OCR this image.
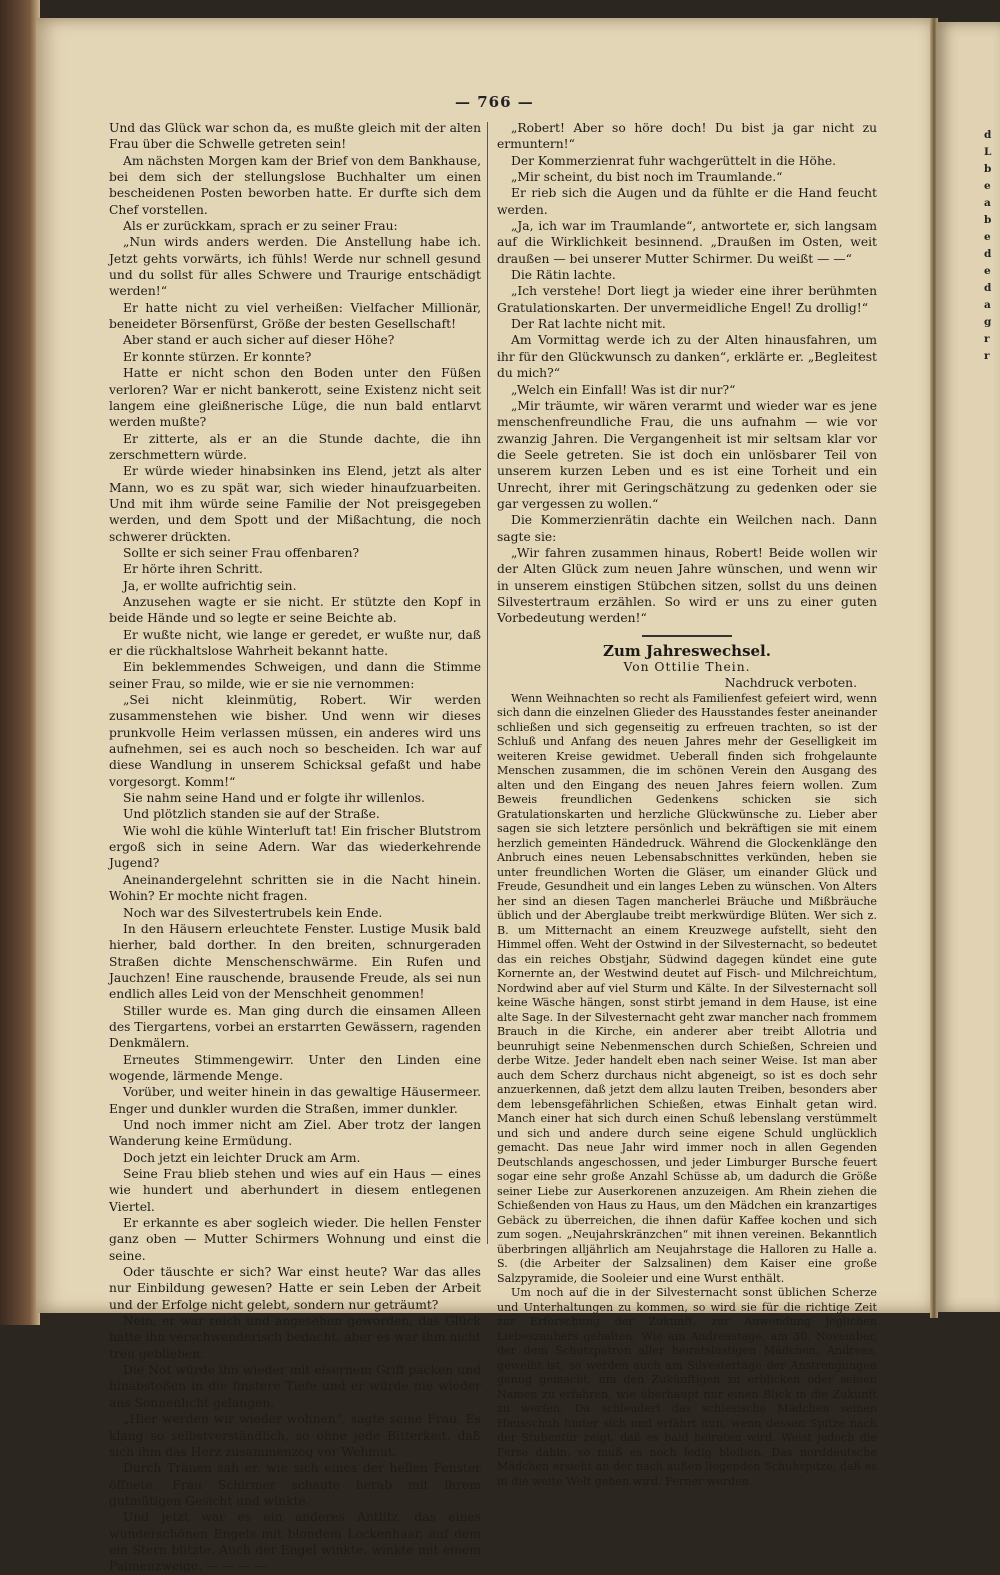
d
L
b
e
a
b
e
d
e
d
a
g
r
r
— 766 —

Und das Glück war schon da, es mußte gleich mit der alten Frau über die Schwelle getreten sein!

Am nächsten Morgen kam der Brief von dem Bankhause, bei dem sich der stellungslose Buchhalter um einen bescheidenen Posten beworben hatte. Er durfte sich dem Chef vorstellen.

Als er zurückkam, sprach er zu seiner Frau:

„Nun wirds anders werden. Die Anstellung habe ich. Jetzt gehts vorwärts, ich fühls! Werde nur schnell gesund und du sollst für alles Schwere und Traurige entschädigt werden!“

Er hatte nicht zu viel verheißen: Vielfacher Millionär, beneideter Börsenfürst, Größe der besten Gesellschaft!

Aber stand er auch sicher auf dieser Höhe?

Er konnte stürzen. Er konnte?

Hatte er nicht schon den Boden unter den Füßen verloren? War er nicht bankerott, seine Existenz nicht seit langem eine gleißnerische Lüge, die nun bald entlarvt werden mußte?

Er zitterte, als er an die Stunde dachte, die ihn zerschmettern würde.

Er würde wieder hinabsinken ins Elend, jetzt als alter Mann, wo es zu spät war, sich wieder hinaufzuarbeiten. Und mit ihm würde seine Familie der Not preisgegeben werden, und dem Spott und der Mißachtung, die noch schwerer drückten.

Sollte er sich seiner Frau offenbaren?

Er hörte ihren Schritt.

Ja, er wollte aufrichtig sein.

Anzusehen wagte er sie nicht. Er stützte den Kopf in beide Hände und so legte er seine Beichte ab.

Er wußte nicht, wie lange er geredet, er wußte nur, daß er die rückhaltslose Wahrheit bekannt hatte.

Ein beklemmendes Schweigen, und dann die Stimme seiner Frau, so milde, wie er sie nie vernommen:

„Sei nicht kleinmütig, Robert. Wir werden zusammenstehen wie bisher. Und wenn wir dieses prunkvolle Heim verlassen müssen, ein anderes wird uns aufnehmen, sei es auch noch so bescheiden. Ich war auf diese Wandlung in unserem Schicksal gefaßt und habe vorgesorgt. Komm!“

Sie nahm seine Hand und er folgte ihr willenlos.

Und plötzlich standen sie auf der Straße.

Wie wohl die kühle Winterluft tat! Ein frischer Blutstrom ergoß sich in seine Adern. War das wiederkehrende Jugend?

Aneinandergelehnt schritten sie in die Nacht hinein. Wohin? Er mochte nicht fragen.

Noch war des Silvestertrubels kein Ende.

In den Häusern erleuchtete Fenster. Lustige Musik bald hierher, bald dorther. In den breiten, schnurgeraden Straßen dichte Menschenschwärme. Ein Rufen und Jauchzen! Eine rauschende, brausende Freude, als sei nun endlich alles Leid von der Menschheit genommen!

Stiller wurde es. Man ging durch die einsamen Alleen des Tiergartens, vorbei an erstarrten Gewässern, ragenden Denkmälern.

Erneutes Stimmengewirr. Unter den Linden eine wogende, lärmende Menge.

Vorüber, und weiter hinein in das gewaltige Häusermeer. Enger und dunkler wurden die Straßen, immer dunkler.

Und noch immer nicht am Ziel. Aber trotz der langen Wanderung keine Ermüdung.

Doch jetzt ein leichter Druck am Arm.

Seine Frau blieb stehen und wies auf ein Haus — eines wie hundert und aberhundert in diesem entlegenen Viertel.

Er erkannte es aber sogleich wieder. Die hellen Fenster ganz oben — Mutter Schirmers Wohnung und einst die seine.

Oder täuschte er sich? War einst heute? War das alles nur Einbildung gewesen? Hatte er sein Leben der Arbeit und der Erfolge nicht gelebt, sondern nur geträumt?

Nein, er war reich und angesehen geworden, das Glück hatte ihn verschwenderisch bedacht, aber es war ihm nicht treu geblieben.

Die Not würde ihn wieder mit eisernem Griff packen und hinabstoßen in die finstere Tiefe und er würde nie wieder ans Sonnenlicht gelangen.

„Hier werden wir wieder wohnen“, sagte seine Frau. Es klang so selbstverständlich, so ohne jede Bitterkeit, daß sich ihm das Herz zusammenzog vor Wehmut.

Durch Tränen sah er, wie sich eines der hellen Fenster öffnete. Frau Schirmer schaute herab mit ihrem gutmütigen Gesicht und winkte.

Und jetzt war es ein anderes Antlitz, das eines wunderschönen Engels mit blondem Lockenhaar, auf dem ein Stern blitzte. Auch der Engel winkte, winkte mit einem Palmenzweige. — — — —

„Robert! Aber so höre doch! Du bist ja gar nicht zu ermuntern!“

Der Kommerzienrat fuhr wachgerüttelt in die Höhe.

„Mir scheint, du bist noch im Traumlande.“

Er rieb sich die Augen und da fühlte er die Hand feucht werden.

„Ja, ich war im Traumlande“, antwortete er, sich langsam auf die Wirklichkeit besinnend. „Draußen im Osten, weit draußen — bei unserer Mutter Schirmer. Du weißt — —“

Die Rätin lachte.

„Ich verstehe! Dort liegt ja wieder eine ihrer berühmten Gratulationskarten. Der unvermeidliche Engel! Zu drollig!“

Der Rat lachte nicht mit.

Am Vormittag werde ich zu der Alten hinausfahren, um ihr für den Glückwunsch zu danken“, erklärte er. „Begleitest du mich?“

„Welch ein Einfall! Was ist dir nur?“

„Mir träumte, wir wären verarmt und wieder war es jene menschenfreundliche Frau, die uns aufnahm — wie vor zwanzig Jahren. Die Vergangenheit ist mir seltsam klar vor die Seele getreten. Sie ist doch ein unlösbarer Teil von unserem kurzen Leben und es ist eine Torheit und ein Unrecht, ihrer mit Geringschätzung zu gedenken oder sie gar vergessen zu wollen.“

Die Kommerzienrätin dachte ein Weilchen nach. Dann sagte sie:

„Wir fahren zusammen hinaus, Robert! Beide wollen wir der Alten Glück zum neuen Jahre wünschen, und wenn wir in unserem einstigen Stübchen sitzen, sollst du uns deinen Silvestertraum erzählen. So wird er uns zu einer guten Vorbedeutung werden!“

Zum Jahreswechsel.

Von Ottilie Thein.

Nachdruck verboten.

Wenn Weihnachten so recht als Familienfest gefeiert wird, wenn sich dann die einzelnen Glieder des Hausstandes fester aneinander schließen und sich gegenseitig zu erfreuen trachten, so ist der Schluß und Anfang des neuen Jahres mehr der Geselligkeit im weiteren Kreise gewidmet. Ueberall finden sich frohgelaunte Menschen zusammen, die im schönen Verein den Ausgang des alten und den Eingang des neuen Jahres feiern wollen. Zum Beweis freundlichen Gedenkens schicken sie sich Gratulationskarten und herzliche Glückwünsche zu. Lieber aber sagen sie sich letztere persönlich und bekräftigen sie mit einem herzlich gemeinten Händedruck. Während die Glockenklänge den Anbruch eines neuen Lebensabschnittes verkünden, heben sie unter freundlichen Worten die Gläser, um einander Glück und Freude, Gesundheit und ein langes Leben zu wünschen. Von Alters her sind an diesen Tagen mancherlei Bräuche und Mißbräuche üblich und der Aberglaube treibt merkwürdige Blüten. Wer sich z. B. um Mitternacht an einem Kreuzwege aufstellt, sieht den Himmel offen. Weht der Ostwind in der Silvesternacht, so bedeutet das ein reiches Obstjahr, Südwind dagegen kündet eine gute Kornernte an, der Westwind deutet auf Fisch- und Milchreichtum, Nordwind aber auf viel Sturm und Kälte. In der Silvesternacht soll keine Wäsche hängen, sonst stirbt jemand in dem Hause, ist eine alte Sage. In der Silvesternacht geht zwar mancher nach frommem Brauch in die Kirche, ein anderer aber treibt Allotria und beunruhigt seine Nebenmenschen durch Schießen, Schreien und derbe Witze. Jeder handelt eben nach seiner Weise. Ist man aber auch dem Scherz durchaus nicht abgeneigt, so ist es doch sehr anzuerkennen, daß jetzt dem allzu lauten Treiben, besonders aber dem lebensgefährlichen Schießen, etwas Einhalt getan wird. Manch einer hat sich durch einen Schuß lebenslang verstümmelt und sich und andere durch seine eigene Schuld unglücklich gemacht. Das neue Jahr wird immer noch in allen Gegenden Deutschlands angeschossen, und jeder Limburger Bursche feuert sogar eine sehr große Anzahl Schüsse ab, um dadurch die Größe seiner Liebe zur Auserkorenen anzuzeigen. Am Rhein ziehen die Schießenden von Haus zu Haus, um den Mädchen ein kranzartiges Gebäck zu überreichen, die ihnen dafür Kaffee kochen und sich zum sogen. „Neujahrskränzchen“ mit ihnen vereinen. Bekanntlich überbringen alljährlich am Neujahrstage die Halloren zu Halle a. S. (die Arbeiter der Salzsalinen) dem Kaiser eine große Salzpyramide, die Sooleier und eine Wurst enthält.

Um noch auf die in der Silvesternacht sonst üblichen Scherze und Unterhaltungen zu kommen, so wird sie für die richtige Zeit zur Erforschung der Zukunft, zur Anwendung jeglichen Liebeszaubers gehalten. Wie am Andreastage, am 30. November, der dem Schutzpatron aller heiratslustigen Mädchen, Andreas, geweiht ist, so werden auch am Silvestertage der Anstrengungen genug gemacht, um den Zukünftigen zu erblicken oder seinen Namen zu erfahren, wie überhaupt nur einen Blick in die Zukunft zu werfen. Da schleudert das schlesische Mädchen seinen Hausschuh hinter sich und erfährt nun, wenn dessen Spitze nach der Stubentür zeigt, daß es bald heiraten wird. Weist jedoch die Ferse dahin, so muß es noch ledig bleiben. Das norddeutsche Mädchen ersieht an der nach außen liegenden Schuhspitze, daß es in die weite Welt gehen wird. Ferner werden
